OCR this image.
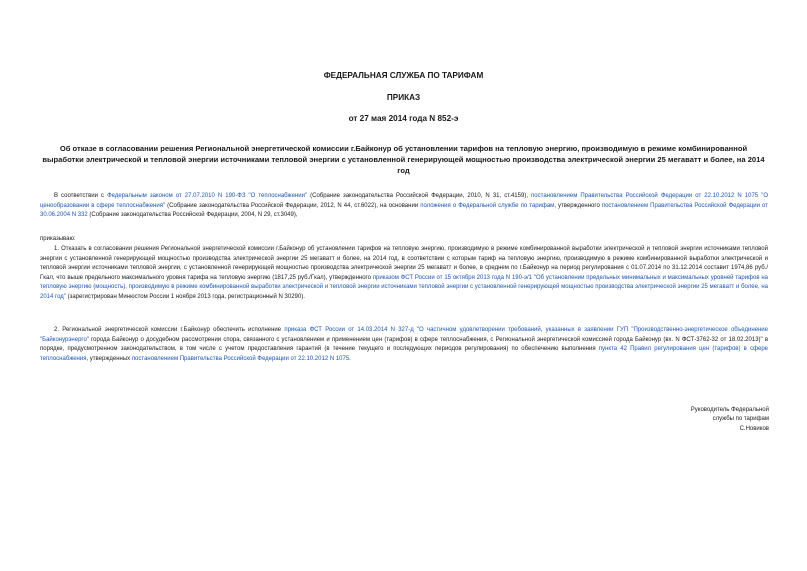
ФЕДЕРАЛЬНАЯ СЛУЖБА ПО ТАРИФАМ
ПРИКАЗ
от 27 мая 2014 года N 852-э
Об отказе в согласовании решения Региональной энергетической комиссии г.Байконур об установлении тарифов на тепловую энергию, производимую в режиме комбинированной выработки электрической и тепловой энергии источниками тепловой энергии с установленной генерирующей мощностью производства электрической энергии 25 мегаватт и более, на 2014 год

В соответствии с Федеральным законом от 27.07.2010 N 190-ФЗ "О теплоснабжении" (Собрание законодательства Российской Федерации, 2010, N 31, ст.4159), постановлением Правительства Российской Федерации от 22.10.2012 N 1075 "О ценообразовании в сфере теплоснабжения" (Собрание законодательства Российской Федерации, 2012, N 44, ст.6022), на основании положения о Федеральной службе по тарифам, утвержденного постановлением Правительства Российской Федерации от 30.06.2004 N 332 (Собрание законодательства Российской Федерации, 2004, N 29, ст.3049),

приказываю:

1. Отказать в согласовании решения Региональной энергетической комиссии г.Байконур об установлении тарифов на тепловую энергию, производимую в режиме комбинированной выработки электрической и тепловой энергии источниками тепловой энергии с установленной генерирующей мощностью производства электрической энергии 25 мегаватт и более, на 2014 год, в соответствии с которым тариф на тепловую энергию, производимую в режиме комбинированной выработки электрической и тепловой энергии источниками тепловой энергии, с установленной генерирующей мощностью производства электрической энергии 25 мегаватт и более, в среднем по г.Байконур на период регулирования с 01.07.2014 по 31.12.2014 составит 1974,86 руб./Гкал, что выше предельного максимального уровня тарифа на тепловую энергию (1817,25 руб./Гкал), утвержденного приказом ФСТ России от 15 октября 2013 года N 190-э/1 "Об установлении предельных минимальных и максимальных уровней тарифов на тепловую энергию (мощность), производимую в режиме комбинированной выработки электрической и тепловой энергии источниками тепловой энергии с установленной генерирующей мощностью производства электрической энергии 25 мегаватт и более, на 2014 год" (зарегистрирован Минюстом России 1 ноября 2013 года, регистрационный N 30290).

2. Региональной энергетической комиссии г.Байконур обеспечить исполнение приказа ФСТ России от 14.03.2014 N 327-д "О частичном удовлетворении требований, указанных в заявлении ГУП "Производственно-энергетическое объединение "Байконурэнерго" города Байконур о досудебном рассмотрении спора, связанного с установлением и применением цен (тарифов) в сфере теплоснабжения, с Региональной энергетической комиссией города Байконур (вх. N ФСТ-3762-32 от 18.02.2013)" в порядке, предусмотренном законодательством, в том числе с учетом предоставления гарантий (в течение текущего и последующих периодов регулирования) по обеспечению выполнения пункта 42 Правил регулирования цен (тарифов) в сфере теплоснабжения, утвержденных постановлением Правительства Российской Федерации от 22.10.2012 N 1075.

Руководитель Федеральной
службы по тарифам
С.Новиков
